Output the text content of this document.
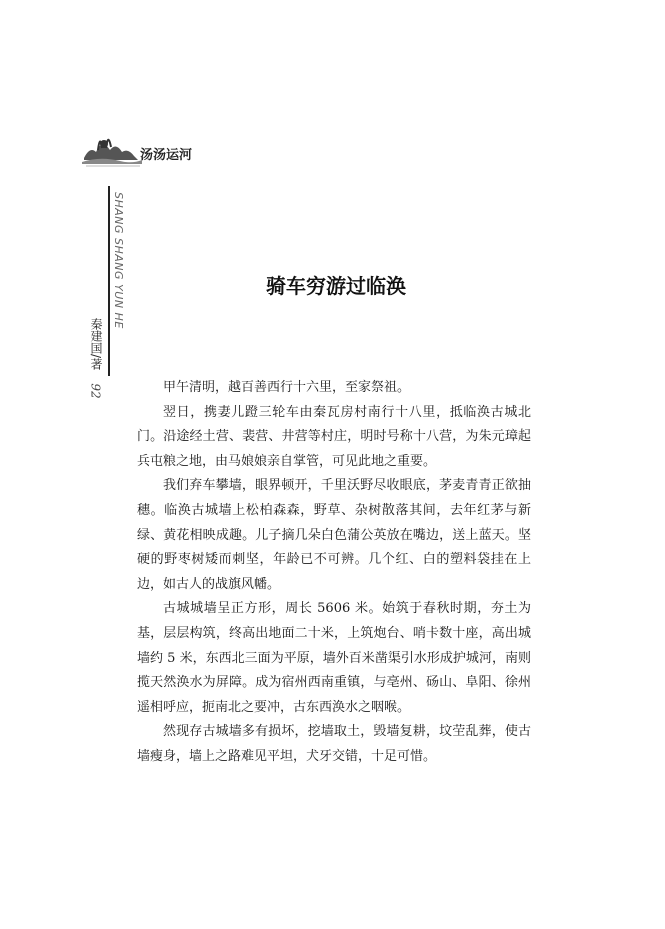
汤汤运河
SHANG SHANG YUN HE
秦建国/著
92
骑车穷游过临涣

甲午清明，越百善西行十六里，至家祭祖。

翌日，携妻儿蹬三轮车由秦瓦房村南行十八里，抵临涣古城北门。沿途经土营、裴营、井营等村庄，明时号称十八营，为朱元璋起兵屯粮之地，由马娘娘亲自掌管，可见此地之重要。

我们弃车攀墙，眼界顿开，千里沃野尽收眼底，茅麦青青正欲抽穗。临涣古城墙上松柏森森，野草、杂树散落其间，去年红茅与新绿、黄花相映成趣。儿子摘几朵白色蒲公英放在嘴边，送上蓝天。坚硬的野枣树矮而刺坚，年龄已不可辨。几个红、白的塑料袋挂在上边，如古人的战旗风幡。

古城城墙呈正方形，周长 5606 米。始筑于春秋时期，夯土为基，层层构筑，终高出地面二十米，上筑炮台、哨卡数十座，高出城墙约 5 米，东西北三面为平原，墙外百米凿渠引水形成护城河，南则揽天然涣水为屏障。成为宿州西南重镇，与亳州、砀山、阜阳、徐州遥相呼应，扼南北之要冲，古东西涣水之咽喉。

然现存古城墙多有损坏，挖墙取土，毁墙复耕，坟茔乱葬，使古墙瘦身，墙上之路难见平坦，犬牙交错，十足可惜。
